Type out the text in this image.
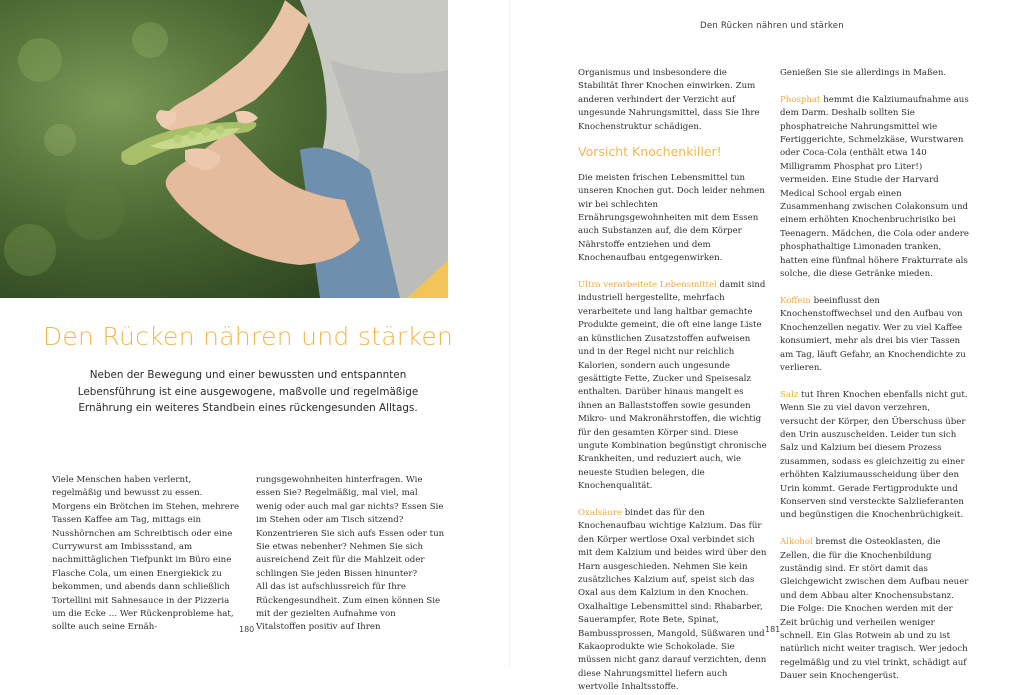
Den Rücken nähren und stärken

Neben der Bewegung und einer bewussten und entspannten Lebensführung ist eine ausgewogene, maßvolle und regelmäßige Ernährung ein weiteres Standbein eines rückengesunden Alltags.

Viele Menschen haben verlernt, regelmäßig und bewusst zu essen. Morgens ein Brötchen im Stehen, mehrere Tassen Kaffee am Tag, mittags ein Nusshörnchen am Schreibtisch oder eine Currywurst am Imbissstand, am nachmittäglichen Tiefpunkt im Büro eine Flasche Cola, um einen Energiekick zu bekommen, und abends dann schließlich Tortellini mit Sahnesauce in der Pizzeria um die Ecke … Wer Rückenprobleme hat, sollte auch seine Ernäh-

rungsgewohnheiten hinterfragen. Wie essen Sie? Regelmäßig, mal viel, mal wenig oder auch mal gar nichts? Essen Sie im Stehen oder am Tisch sitzend? Konzentrieren Sie sich aufs Essen oder tun Sie etwas nebenher? Nehmen Sie sich ausreichend Zeit für die Mahlzeit oder schlingen Sie jeden Bissen hinunter?

All das ist aufschlussreich für Ihre Rückengesundheit. Zum einen können Sie mit der gezielten Aufnahme von Vitalstoffen positiv auf Ihren

180
Den Rücken nähren und stärken

Organismus und insbesondere die Stabilität Ihrer Knochen einwirken. Zum anderen verhindert der Verzicht auf ungesunde Nahrungsmittel, dass Sie Ihre Knochenstruktur schädigen.

Vorsicht Knochenkiller!

Die meisten frischen Lebensmittel tun unseren Knochen gut. Doch leider nehmen wir bei schlechten Ernährungsgewohnheiten mit dem Essen auch Substanzen auf, die dem Körper Nährstoffe entziehen und dem Knochenaufbau entgegenwirken.

Ultra verarbeitete Lebensmittel damit sind industriell hergestellte, mehrfach verarbeitete und lang haltbar gemachte Produkte gemeint, die oft eine lange Liste an künstlichen Zusatzstoffen aufweisen und in der Regel nicht nur reichlich Kalorien, sondern auch ungesunde gesättigte Fette, Zucker und Speisesalz enthalten. Darüber hinaus mangelt es ihnen an Ballaststoffen sowie gesunden Mikro- und Makronährstoffen, die wichtig für den gesamten Körper sind. Diese ungute Kombination begünstigt chronische Krankheiten, und reduziert auch, wie neueste Studien belegen, die Knochenqualität.

Oxalsäure bindet das für den Knochenaufbau wichtige Kalzium. Das für den Körper wertlose Oxal verbindet sich mit dem Kalzium und beides wird über den Harn ausgeschieden. Nehmen Sie kein zusätzliches Kalzium auf, speist sich das Oxal aus dem Kalzium in den Knochen. Oxalhaltige Lebensmittel sind: Rhabarber, Sauerampfer, Rote Bete, Spinat, Bambussprossen, Mangold, Süßwaren und Kakaoprodukte wie Schokolade. Sie müssen nicht ganz darauf verzichten, denn diese Nahrungsmittel liefern auch wertvolle Inhaltsstoffe.

Genießen Sie sie allerdings in Maßen.

Phosphat hemmt die Kalziumaufnahme aus dem Darm. Deshalb sollten Sie phosphatreiche Nahrungsmittel wie Fertiggerichte, Schmelzkäse, Wurstwaren oder Coca-Cola (enthält etwa 140 Milligramm Phosphat pro Liter!) vermeiden. Eine Studie der Harvard Medical School ergab einen Zusammenhang zwischen Colakonsum und einem erhöhten Knochenbruchrisiko bei Teenagern. Mädchen, die Cola oder andere phosphathaltige Limonaden tranken, hatten eine fünfmal höhere Frakturrate als solche, die diese Getränke mieden.

Koffein beeinflusst den Knochenstoffwechsel und den Aufbau von Knochenzellen negativ. Wer zu viel Kaffee konsumiert, mehr als drei bis vier Tassen am Tag, läuft Gefahr, an Knochendichte zu verlieren.

Salz tut Ihren Knochen ebenfalls nicht gut. Wenn Sie zu viel davon verzehren, versucht der Körper, den Überschuss über den Urin auszuscheiden. Leider tun sich Salz und Kalzium bei diesem Prozess zusammen, sodass es gleichzeitig zu einer erhöhten Kalziumausscheidung über den Urin kommt. Gerade Fertigprodukte und Konserven sind versteckte Salzlieferanten und begünstigen die Knochenbrüchigkeit.

Alkohol bremst die Osteoklasten, die Zellen, die für die Knochenbildung zuständig sind. Er stört damit das Gleichgewicht zwischen dem Aufbau neuer und dem Abbau alter Knochensubstanz. Die Folge: Die Knochen werden mit der Zeit brüchig und verheilen weniger schnell. Ein Glas Rotwein ab und zu ist natürlich nicht weiter tragisch. Wer jedoch regelmäßig und zu viel trinkt, schädigt auf Dauer sein Knochengerüst.

181
